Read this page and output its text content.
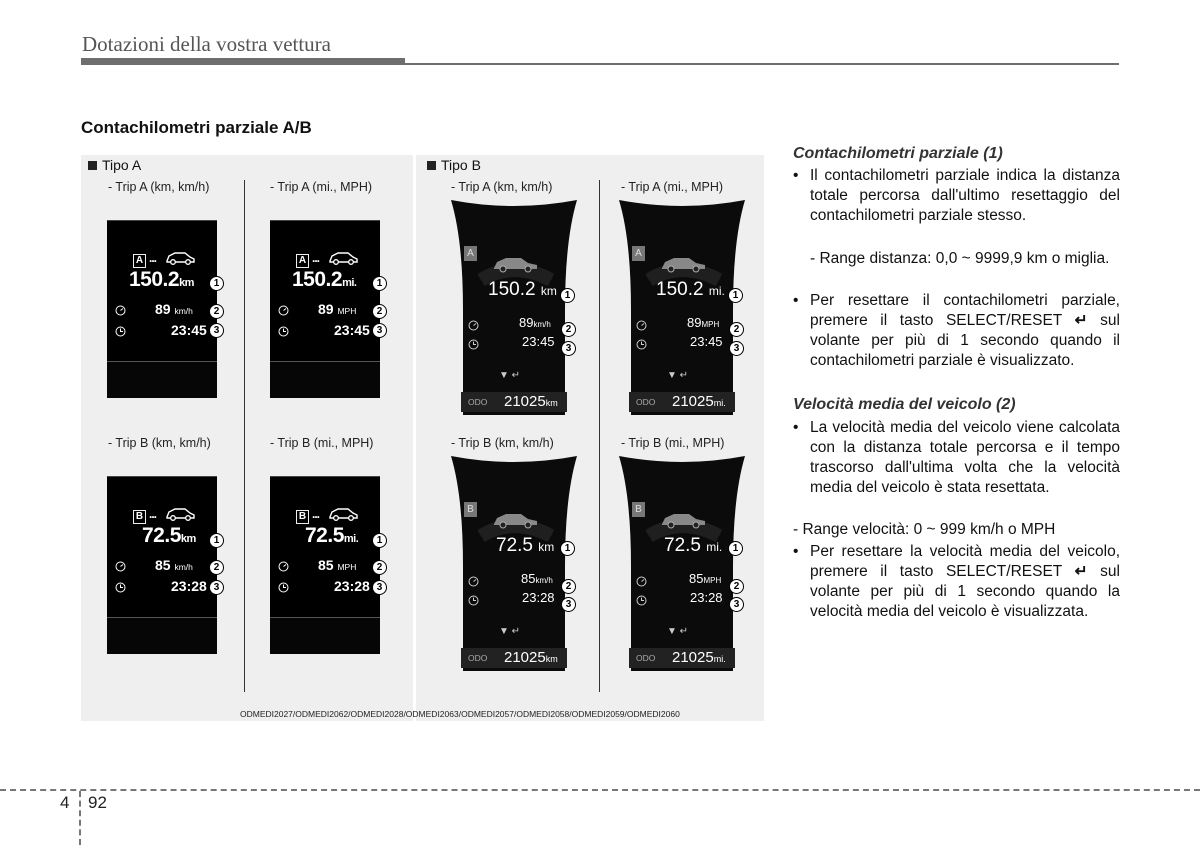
Dotazioni della vostra vettura
Contachilometri parziale A/B
Tipo A	Tipo B
- Trip A (km, km/h)	- Trip A (mi., MPH)	- Trip A (km, km/h)	- Trip A (mi., MPH)
- Trip B (km, km/h)	- Trip B (mi., MPH)	- Trip B (km, km/h)	- Trip B (mi., MPH)
A ...
150.2km
89 km/h
23:45
A ...
150.2mi.
89 MPH
23:45
B ...
72.5km
85 km/h
23:28
B ...
72.5mi.
85 MPH
23:28
A
150.2 km
89km/h
23:45
▼ ↵
ODO 21025km
A
150.2 mi.
89MPH
23:45
▼ ↵
ODO 21025mi.
B
72.5 km
85km/h
23:28
▼ ↵
ODO 21025km
B
72.5 mi.
85MPH
23:28
▼ ↵
ODO 21025mi.
1
2
3
1
2
3
1
2
3
1
2
3
1
2
3
1
2
3
1
2
3
1
2
3
ODMEDI2027/ODMEDI2062/ODMEDI2028/ODMEDI2063/ODMEDI2057/ODMEDI2058/ODMEDI2059/ODMEDI2060
Contachilometri parziale (1)
• Il contachilometri parziale indica la distanza totale percorsa dall'ultimo resettaggio del contachilometri parziale stesso.
- Range distanza: 0,0 ~ 9999,9 km o miglia.
• Per resettare il contachilometri parziale, premere il tasto SELECT/RESET ↵ sul volante per più di 1 secondo quando il contachilometri parziale è visualizzato.
Velocità media del veicolo (2)
• La velocità media del veicolo viene calcolata con la distanza totale percorsa e il tempo trascorso dall'ultima volta che la velocità media del veicolo è stata resettata.
- Range velocità: 0 ~ 999 km/h o MPH
• Per resettare la velocità media del veicolo, premere il tasto SELECT/RESET ↵ sul volante per più di 1 secondo quando la velocità media del veicolo è visualizzata.
4 92
